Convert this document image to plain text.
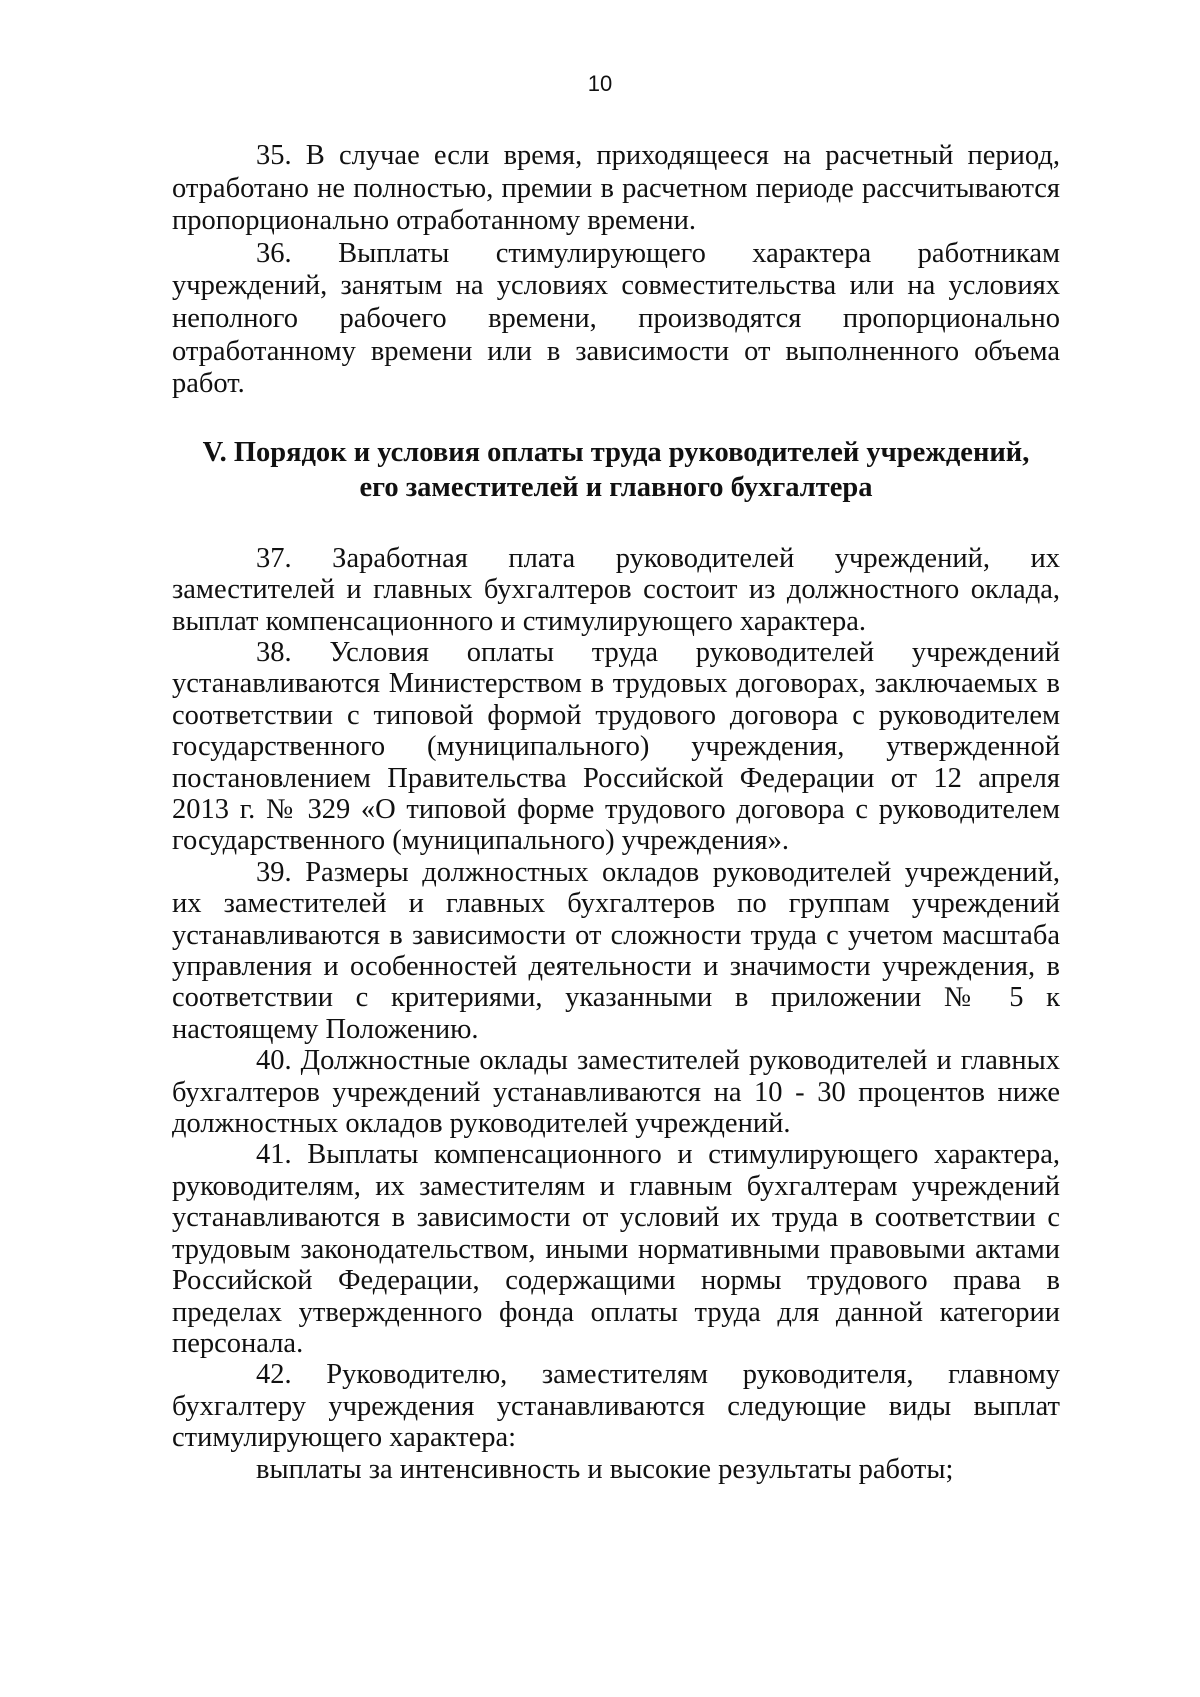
10

35. В случае если время, приходящееся на расчетный период, отработано не полностью, премии в расчетном периоде рассчитываются пропорционально отработанному времени.

36. Выплаты стимулирующего характера работникам учреждений, занятым на условиях совместительства или на условиях неполного рабочего времени, производятся пропорционально отработанному времени или в зависимости от выполненного объема работ.

V. Порядок и условия оплаты труда руководителей учреждений,
его заместителей и главного бухгалтера

37. Заработная плата руководителей учреждений, их заместителей и главных бухгалтеров состоит из должностного оклада, выплат компенсационного и стимулирующего характера.

38. Условия оплаты труда руководителей учреждений устанавливаются Министерством в трудовых договорах, заключаемых в соответствии с типовой формой трудового договора с руководителем государственного (муниципального) учреждения, утвержденной постановлением Правительства Российской Федерации от 12 апреля 2013 г. № 329 «О типовой форме трудового договора с руководителем государственного (муниципального) учреждения».

39. Размеры должностных окладов руководителей учреждений, их заместителей и главных бухгалтеров по группам учреждений устанавливаются в зависимости от сложности труда с учетом масштаба управления и особенностей деятельности и значимости учреждения, в соответствии с критериями, указанными в приложении № 5 к настоящему Положению.

40. Должностные оклады заместителей руководителей и главных бухгалтеров учреждений устанавливаются на 10 - 30 процентов ниже должностных окладов руководителей учреждений.

41. Выплаты компенсационного и стимулирующего характера, руководителям, их заместителям и главным бухгалтерам учреждений устанавливаются в зависимости от условий их труда в соответствии с трудовым законодательством, иными нормативными правовыми актами Российской Федерации, содержащими нормы трудового права в пределах утвержденного фонда оплаты труда для данной категории персонала.

42. Руководителю, заместителям руководителя, главному бухгалтеру учреждения устанавливаются следующие виды выплат стимулирующего характера:

выплаты за интенсивность и высокие результаты работы;
